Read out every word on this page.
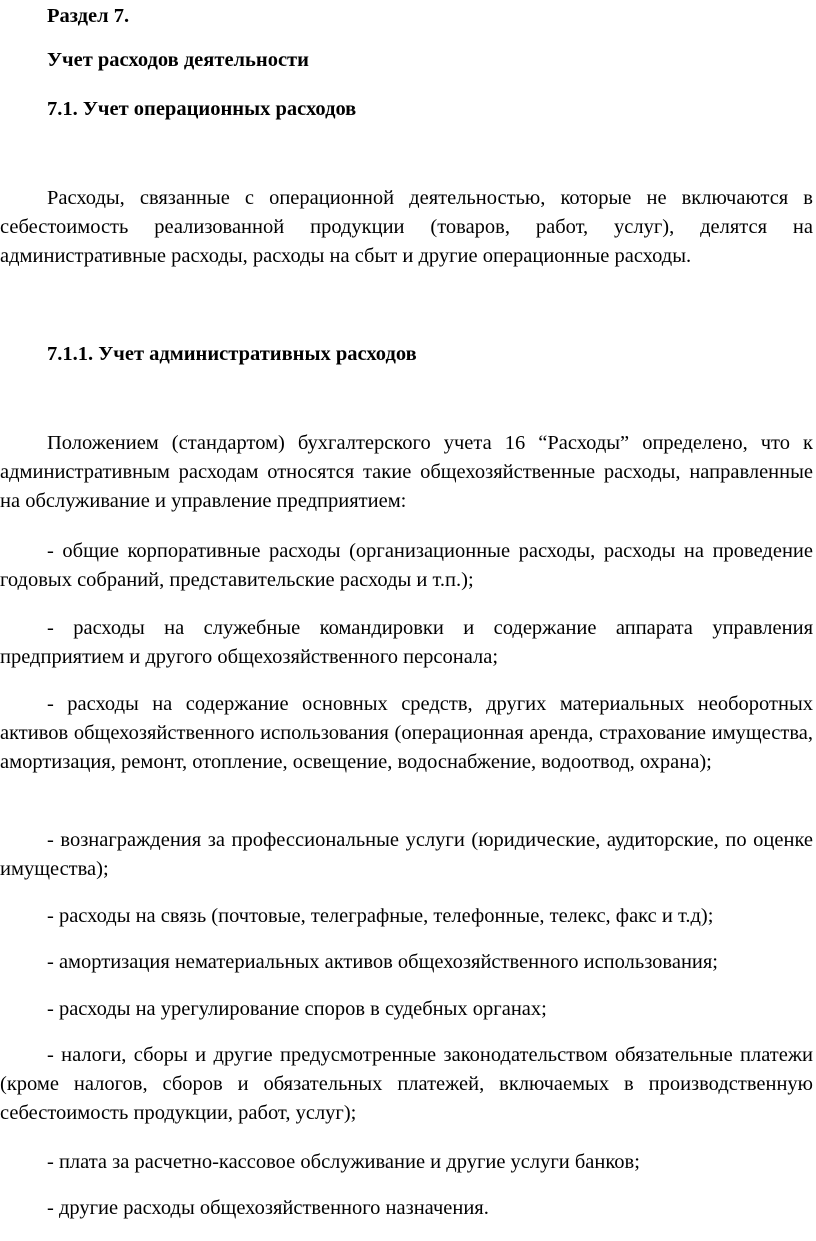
Раздел 7.
Учет расходов деятельности
7.1. Учет операционных расходов

Расходы, связанные с операционной деятельностью, которые не включаются в себестоимость реализованной продукции (товаров, работ, услуг), делятся на административные расходы, расходы на сбыт и другие операционные расходы.

7.1.1. Учет административных расходов

Положением (стандартом) бухгалтерского учета 16 “Расходы” определено, что к административным расходам относятся такие общехозяйственные расходы, направленные на обслуживание и управление предприятием:

- общие корпоративные расходы (организационные расходы, расходы на проведение годовых собраний, представительские расходы и т.п.);

- расходы на служебные командировки и содержание аппарата управления предприятием и другого общехозяйственного персонала;

- расходы на содержание основных средств, других материальных необоротных активов общехозяйственного использования (операционная аренда, страхование имущества, амортизация, ремонт, отопление, освещение, водоснабжение, водоотвод, охрана);

- вознаграждения за профессиональные услуги (юридические, аудиторские, по оценке имущества);

- расходы на связь (почтовые, телеграфные, телефонные, телекс, факс и т.д);

- амортизация нематериальных активов общехозяйственного использования;

- расходы на урегулирование споров в судебных органах;

- налоги, сборы и другие предусмотренные законодательством обязательные платежи (кроме налогов, сборов и обязательных платежей, включаемых в производственную себестоимость продукции, работ, услуг);

- плата за расчетно-кассовое обслуживание и другие услуги банков;

- другие расходы общехозяйственного назначения.
